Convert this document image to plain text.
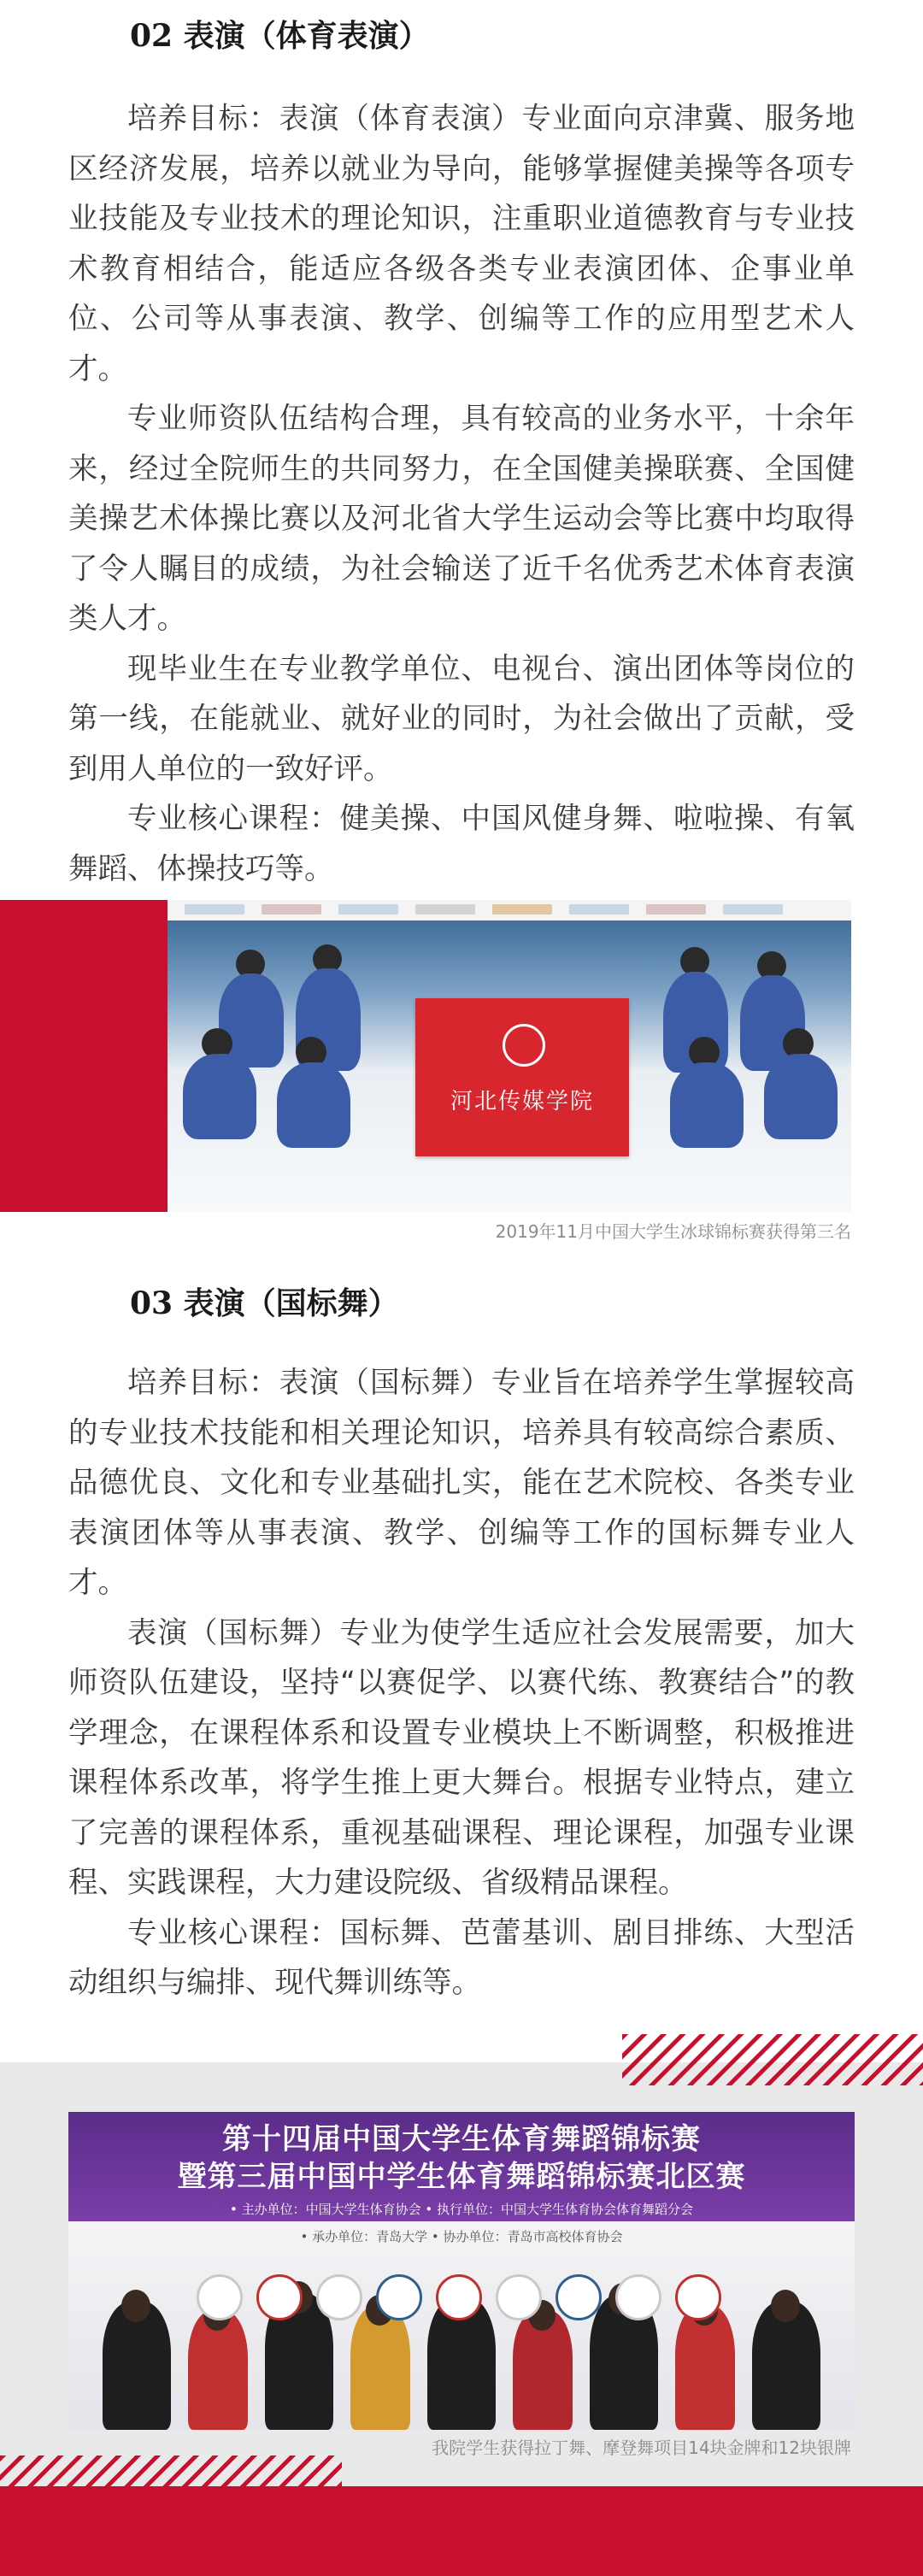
02 表演（体育表演）

培养目标：表演（体育表演）专业面向京津冀、服务地区经济发展，培养以就业为导向，能够掌握健美操等各项专业技能及专业技术的理论知识，注重职业道德教育与专业技术教育相结合，能适应各级各类专业表演团体、企事业单位、公司等从事表演、教学、创编等工作的应用型艺术人才。

专业师资队伍结构合理，具有较高的业务水平，十余年来，经过全院师生的共同努力，在全国健美操联赛、全国健美操艺术体操比赛以及河北省大学生运动会等比赛中均取得了令人瞩目的成绩，为社会输送了近千名优秀艺术体育表演类人才。

现毕业生在专业教学单位、电视台、演出团体等岗位的第一线，在能就业、就好业的同时，为社会做出了贡献，受到用人单位的一致好评。

专业核心课程：健美操、中国风健身舞、啦啦操、有氧舞蹈、体操技巧等。

河北传媒学院

2019年11月中国大学生冰球锦标赛获得第三名

03 表演（国标舞）

培养目标：表演（国标舞）专业旨在培养学生掌握较高的专业技术技能和相关理论知识，培养具有较高综合素质、品德优良、文化和专业基础扎实，能在艺术院校、各类专业表演团体等从事表演、教学、创编等工作的国标舞专业人才。

表演（国标舞）专业为使学生适应社会发展需要，加大师资队伍建设，坚持“以赛促学、以赛代练、教赛结合”的教学理念，在课程体系和设置专业模块上不断调整，积极推进课程体系改革，将学生推上更大舞台。根据专业特点，建立了完善的课程体系，重视基础课程、理论课程，加强专业课程、实践课程，大力建设院级、省级精品课程。

专业核心课程：国标舞、芭蕾基训、剧目排练、大型活动组织与编排、现代舞训练等。

第十四届中国大学生体育舞蹈锦标赛

暨第三届中国中学生体育舞蹈锦标赛北区赛

• 主办单位：中国大学生体育协会 • 执行单位：中国大学生体育协会体育舞蹈分会

• 承办单位：青岛大学 • 协办单位：青岛市高校体育协会

我院学生获得拉丁舞、摩登舞项目14块金牌和12块银牌
